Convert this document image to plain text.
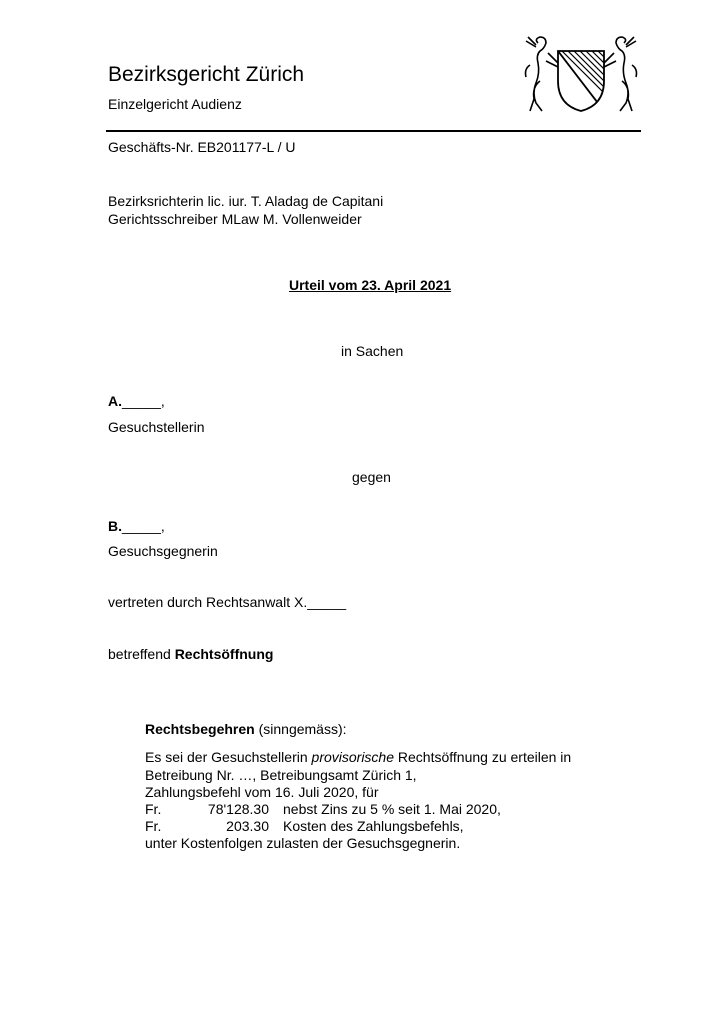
Bezirksgericht Zürich
Einzelgericht Audienz
Geschäfts-Nr. EB201177-L / U
Bezirksrichterin lic. iur. T. Aladag de Capitani
Gerichtsschreiber MLaw M. Vollenweider
Urteil vom 23. April 2021
in Sachen
A._____,
Gesuchstellerin
gegen
B._____,
Gesuchsgegnerin
vertreten durch Rechtsanwalt X._____
betreffend Rechtsöffnung
Rechtsbegehren (sinngemäss):
Es sei der Gesuchstellerin provisorische Rechtsöffnung zu erteilen in
Betreibung Nr. …, Betreibungsamt Zürich 1,
Zahlungsbefehl vom 16. Juli 2020, für
Fr.	78'128.30 nebst Zins zu 5 % seit 1. Mai 2020,
Fr.	203.30 Kosten des Zahlungsbefehls,
unter Kostenfolgen zulasten der Gesuchsgegnerin.
